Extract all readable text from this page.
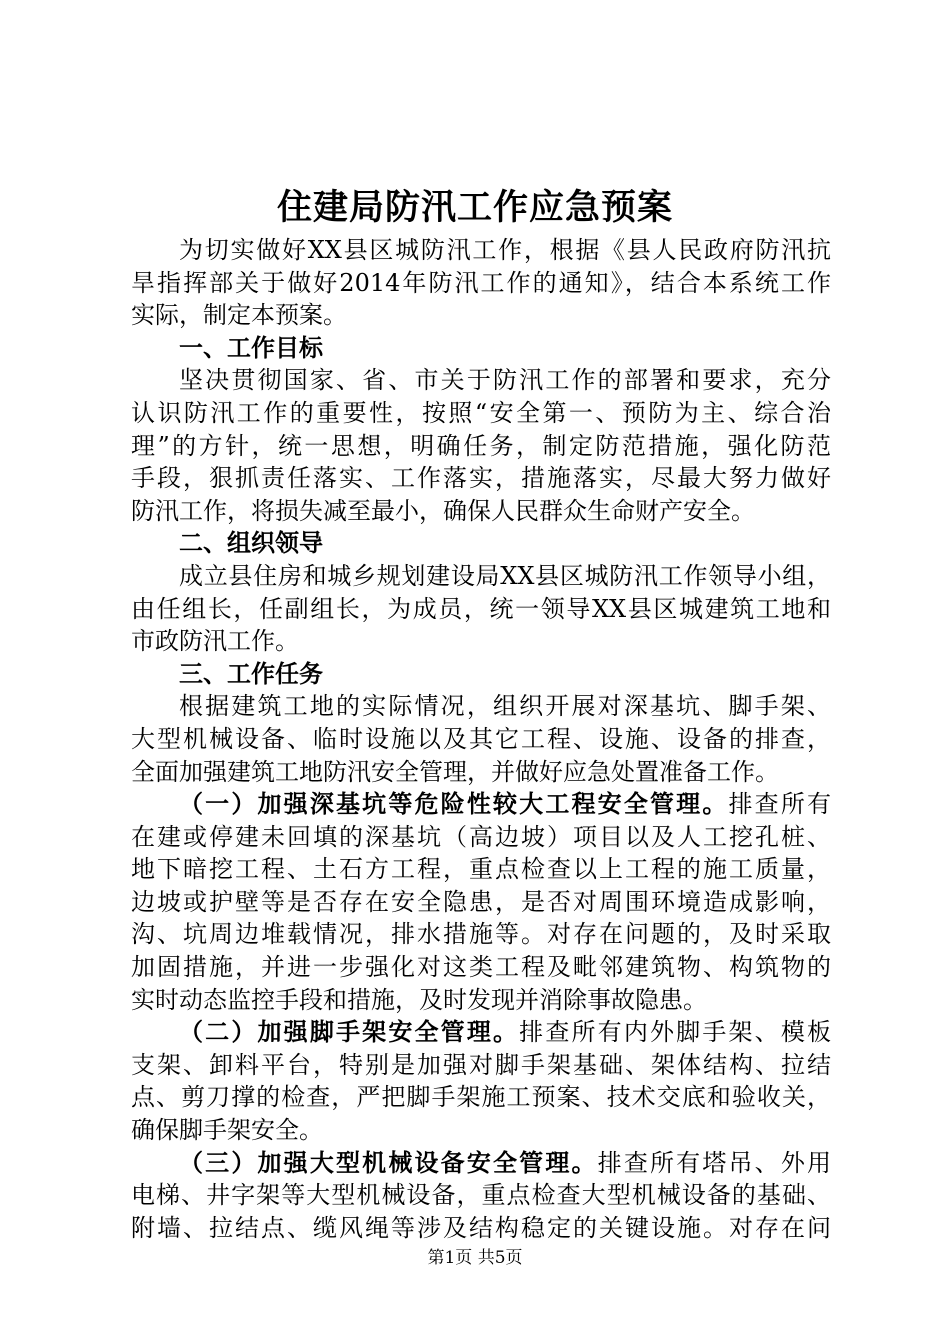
住建局防汛工作应急预案
为切实做好XX县区城防汛工作，根据《县人民政府防汛抗
旱指挥部关于做好2014年防汛工作的通知》，结合本系统工作
实际，制定本预案。
一、工作目标
坚决贯彻国家、省、市关于防汛工作的部署和要求，充分
认识防汛工作的重要性，按照“安全第一、预防为主、综合治
理”的方针，统一思想，明确任务，制定防范措施，强化防范
手段，狠抓责任落实、工作落实，措施落实，尽最大努力做好
防汛工作，将损失减至最小，确保人民群众生命财产安全。
二、组织领导
成立县住房和城乡规划建设局XX县区城防汛工作领导小组，
由任组长，任副组长，为成员，统一领导XX县区城建筑工地和
市政防汛工作。
三、工作任务
根据建筑工地的实际情况，组织开展对深基坑、脚手架、
大型机械设备、临时设施以及其它工程、设施、设备的排查，
全面加强建筑工地防汛安全管理，并做好应急处置准备工作。
（一）加强深基坑等危险性较大工程安全管理。排查所有
在建或停建未回填的深基坑（高边坡）项目以及人工挖孔桩、
地下暗挖工程、土石方工程，重点检查以上工程的施工质量，
边坡或护壁等是否存在安全隐患，是否对周围环境造成影响，
沟、坑周边堆载情况，排水措施等。对存在问题的，及时采取
加固措施，并进一步强化对这类工程及毗邻建筑物、构筑物的
实时动态监控手段和措施，及时发现并消除事故隐患。
（二）加强脚手架安全管理。排查所有内外脚手架、模板
支架、卸料平台，特别是加强对脚手架基础、架体结构、拉结
点、剪刀撑的检查，严把脚手架施工预案、技术交底和验收关，
确保脚手架安全。
（三）加强大型机械设备安全管理。排查所有塔吊、外用
电梯、井字架等大型机械设备，重点检查大型机械设备的基础、
附墙、拉结点、缆风绳等涉及结构稳定的关键设施。对存在问
第1页 共5页
